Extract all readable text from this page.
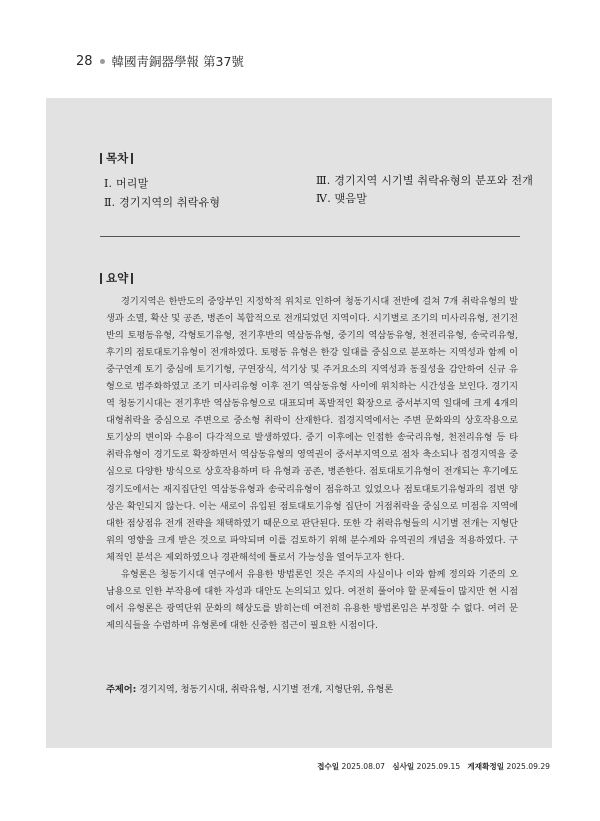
28 韓國靑銅器學報 第37號
목차
Ⅰ. 머리말
Ⅱ. 경기지역의 취락유형
Ⅲ. 경기지역 시기별 취락유형의 분포와 전개
Ⅳ. 맺음말
요약

경기지역은 한반도의 중앙부인 지정학적 위치로 인하여 청동기시대 전반에 걸쳐 7개 취락유형의 발생과 소멸, 확산 및 공존, 병존이 복합적으로 전개되었던 지역이다. 시기별로 조기의 미사리유형, 전기전반의 토평동유형, 각형토기유형, 전기후반의 역삼동유형, 중기의 역삼동유형, 천전리유형, 송국리유형, 후기의 점토대토기유형이 전개하였다. 토평동 유형은 한강 일대를 중심으로 분포하는 지역성과 함께 이중구연계 토기 중심에 토기기형, 구연장식, 석기상 및 주거요소의 지역성과 동질성을 감안하여 신규 유형으로 범주화하였고 조기 미사리유형 이후 전기 역삼동유형 사이에 위치하는 시간성을 보인다. 경기지역 청동기시대는 전기후반 역삼동유형으로 대표되며 폭발적인 확장으로 중서부지역 일대에 크게 4개의 대형취락을 중심으로 주변으로 중소형 취락이 산재한다. 접경지역에서는 주변 문화와의 상호작용으로 토기상의 변이와 수용이 다각적으로 발생하였다. 중기 이후에는 인접한 송국리유형, 천전리유형 등 타 취락유형이 경기도로 확장하면서 역삼동유형의 영역권이 중서부지역으로 점차 축소되나 접경지역을 중심으로 다양한 방식으로 상호작용하며 타 유형과 공존, 병존한다. 점토대토기유형이 전개되는 후기에도 경기도에서는 재지집단인 역삼동유형과 송국리유형이 점유하고 있었으나 점토대토기유형과의 접변 양상은 확인되지 않는다. 이는 새로이 유입된 점토대토기유형 집단이 거점취락을 중심으로 미점유 지역에 대한 점상점유 전개 전략을 채택하였기 때문으로 판단된다. 또한 각 취락유형들의 시기별 전개는 지형단위의 영향을 크게 받은 것으로 파악되며 이를 검토하기 위해 분수계와 유역권의 개념을 적용하였다. 구체적인 분석은 제외하였으나 경관해석에 틀로서 가능성을 열어두고자 한다.

유형론은 청동기시대 연구에서 유용한 방법론인 것은 주지의 사실이나 이와 함께 정의와 기준의 오남용으로 인한 부작용에 대한 자성과 대안도 논의되고 있다. 여전히 풀어야 할 문제들이 많지만 현 시점에서 유형론은 광역단위 문화의 해상도를 밝히는데 여전히 유용한 방법론임은 부정할 수 없다. 여러 문제의식들을 수렴하며 유형론에 대한 신중한 접근이 필요한 시점이다.

주제어: 경기지역, 청동기시대, 취락유형, 시기별 전개, 지형단위, 유형론
접수일 2025.08.07 심사일 2025.09.15 게재확정일 2025.09.29
